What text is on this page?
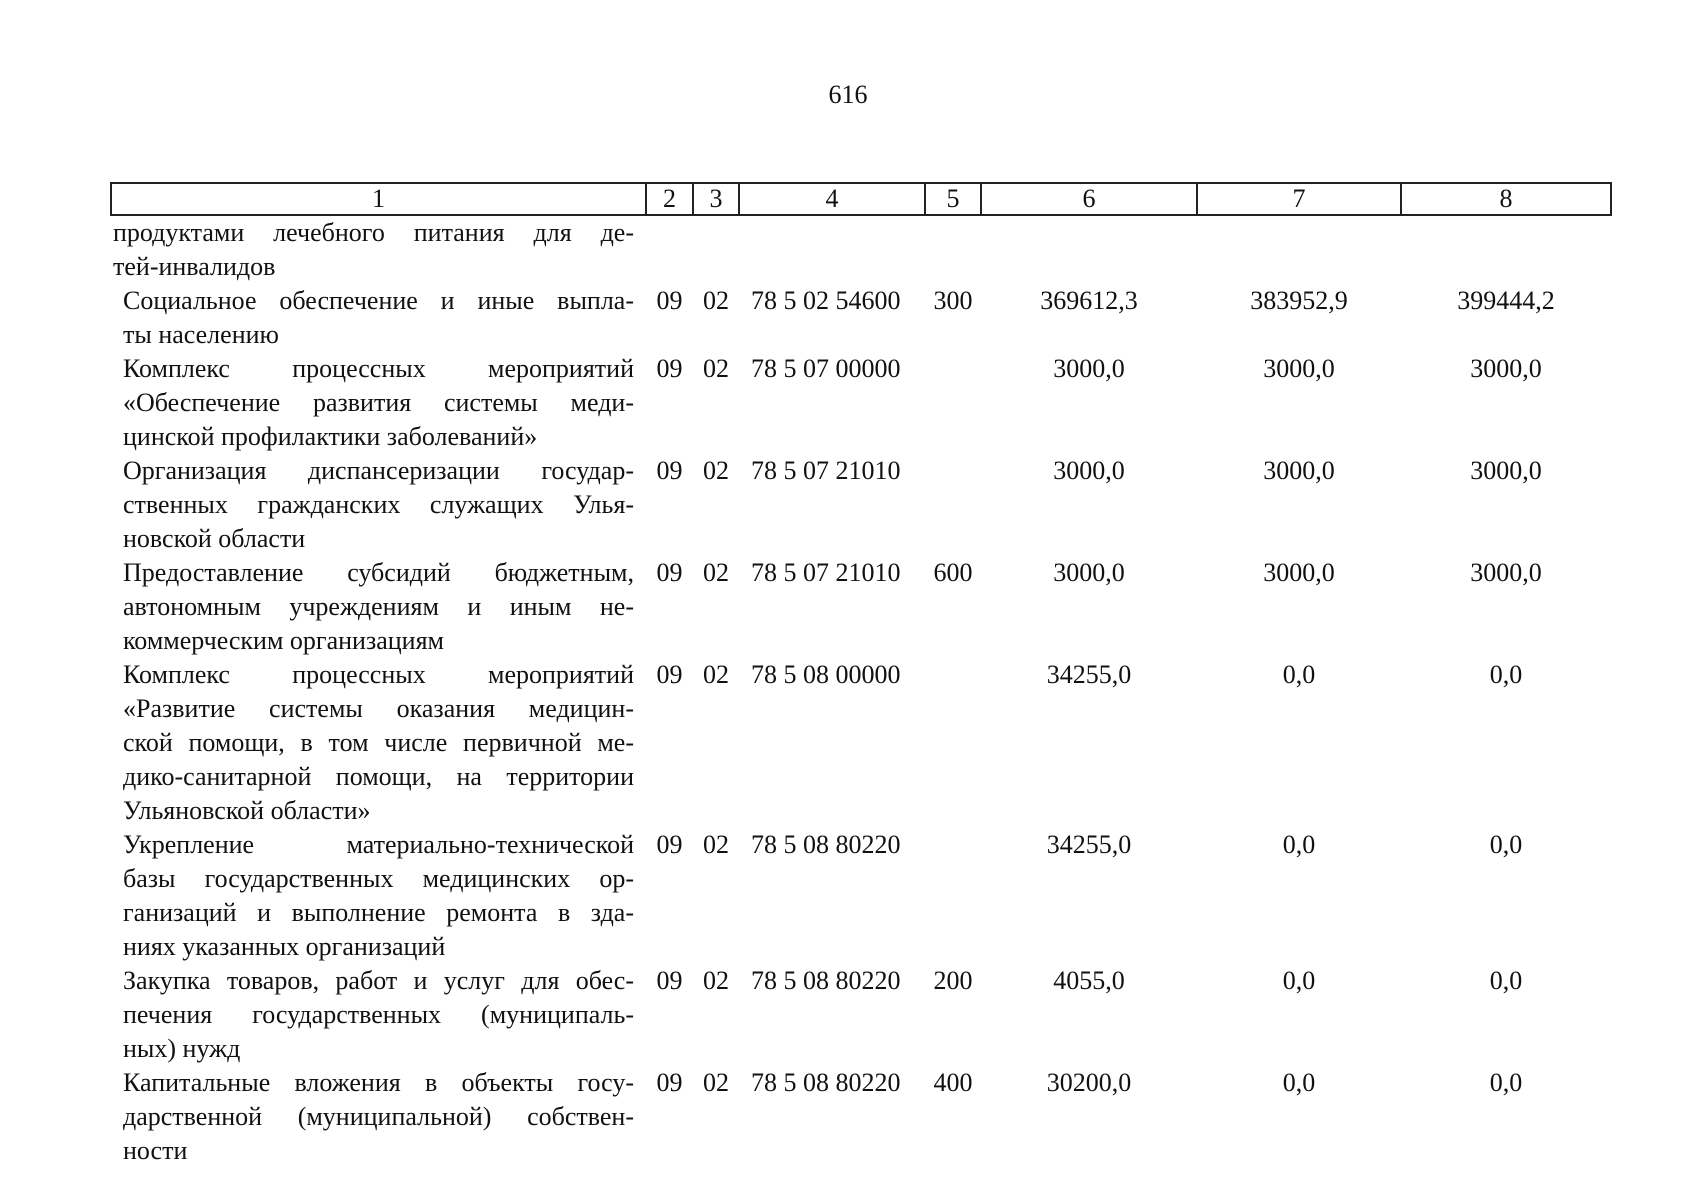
616
1	2	3	4	5	6	7	8

продуктами лечебного питания для де-
тей-инвалидов							

Социальное обеспечение и иные выпла-
ты населению	09	02	78 5 02 54600	300	369612,3	383952,9	399444,2

Комплекс процессных мероприятий
«Обеспечение развития системы меди-
цинской профилактики заболеваний»	09	02	78 5 07 00000		3000,0	3000,0	3000,0

Организация диспансеризации государ-
ственных гражданских служащих Улья-
новской области	09	02	78 5 07 21010		3000,0	3000,0	3000,0

Предоставление субсидий бюджетным,
автономным учреждениям и иным не-
коммерческим организациям	09	02	78 5 07 21010	600	3000,0	3000,0	3000,0

Комплекс процессных мероприятий
«Развитие системы оказания медицин-
ской помощи, в том числе первичной ме-
дико-санитарной помощи, на территории
Ульяновской области»	09	02	78 5 08 00000		34255,0	0,0	0,0

Укрепление материально-технической
базы государственных медицинских ор-
ганизаций и выполнение ремонта в зда-
ниях указанных организаций	09	02	78 5 08 80220		34255,0	0,0	0,0

Закупка товаров, работ и услуг для обес-
печения государственных (муниципаль-
ных) нужд	09	02	78 5 08 80220	200	4055,0	0,0	0,0

Капитальные вложения в объекты госу-
дарственной (муниципальной) собствен-
ности	09	02	78 5 08 80220	400	30200,0	0,0	0,0
